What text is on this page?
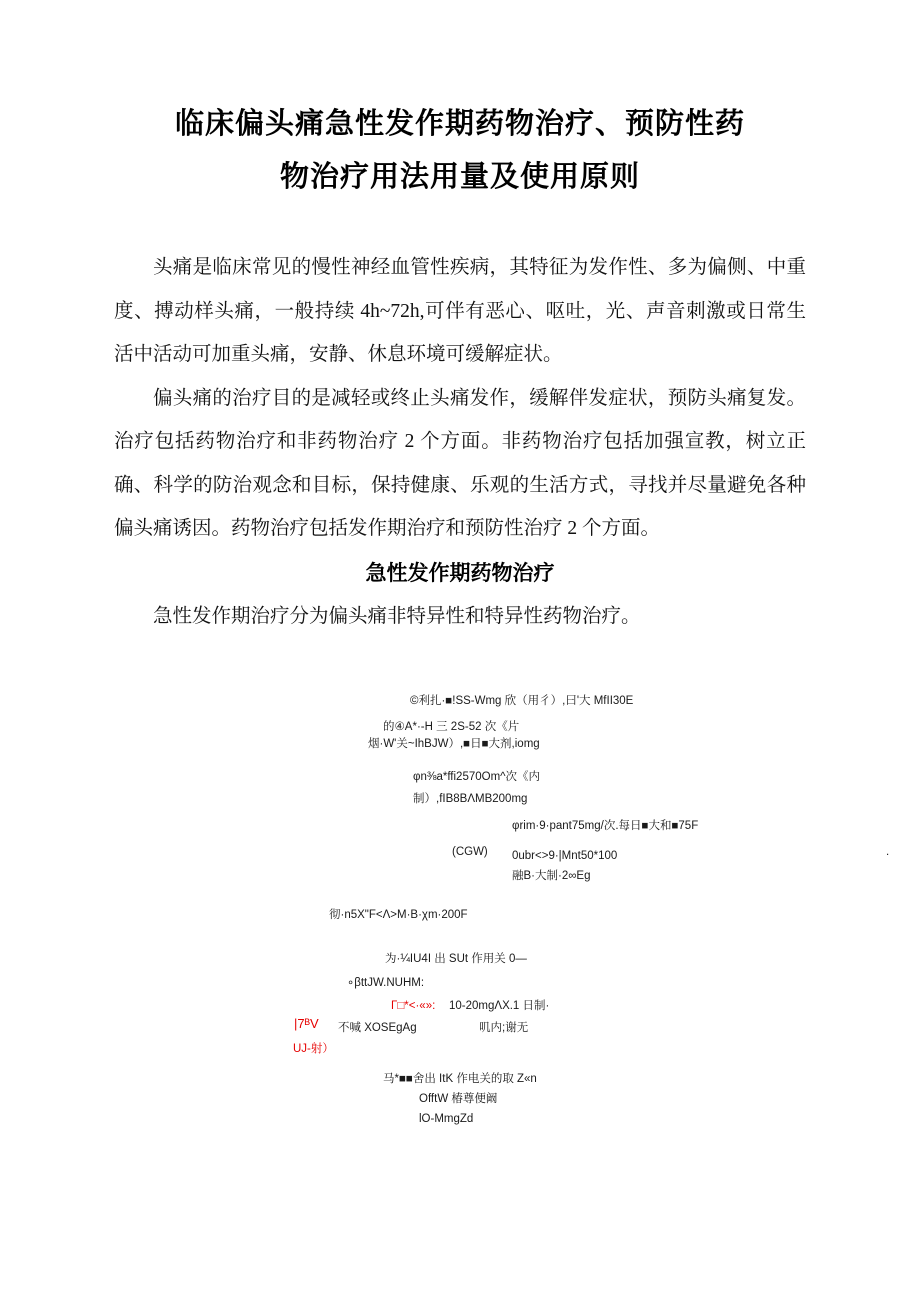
临床偏头痛急性发作期药物治疗、预防性药
物治疗用法用量及使用原则

头痛是临床常见的慢性神经血管性疾病，其特征为发作性、多为偏侧、中重度、搏动样头痛，一般持续 4h~72h,可伴有恶心、呕吐，光、声音刺激或日常生活中活动可加重头痛，安静、休息环境可缓解症状。

偏头痛的治疗目的是减轻或终止头痛发作，缓解伴发症状，预防头痛复发。治疗包括药物治疗和非药物治疗 2 个方面。非药物治疗包括加强宣教，树立正确、科学的防治观念和目标，保持健康、乐观的生活方式，寻找并尽量避免各种偏头痛诱因。药物治疗包括发作期治疗和预防性治疗 2 个方面。

急性发作期药物治疗

急性发作期治疗分为偏头痛非特异性和特异性药物治疗。

©利扎·■!SS-Wmg 欣（用彳）,曰'大 MfII30E
的④A*·-H 三 2S-52 次《片
烟·W'关~IhBJW）,■日■大剂,iomg
φn⅜a*ffi2570Om^次《内
制）,fIB8BΛMB200mg
φrim·9·pant75mg/次.每日■大和■75F
(CGW) 0ubr<>9·|Mnt50*100	.
融B·大制·2∞Eg
彻·n5X"F<Λ>M·B·χm·200F
为·¼IU4I 出 SUt 作用关 0—
∘βttJW.NUHM:
Γ□*<·«»: 10-20mgΛX.1 日制·
|7ᴮV 不喊 XOSEgAg	叽内;谢无
UJ-射）
马*■■舍出 ItK 作电关的取 Z«n
OfftW 椿尊便阚
lO-MmgZd
